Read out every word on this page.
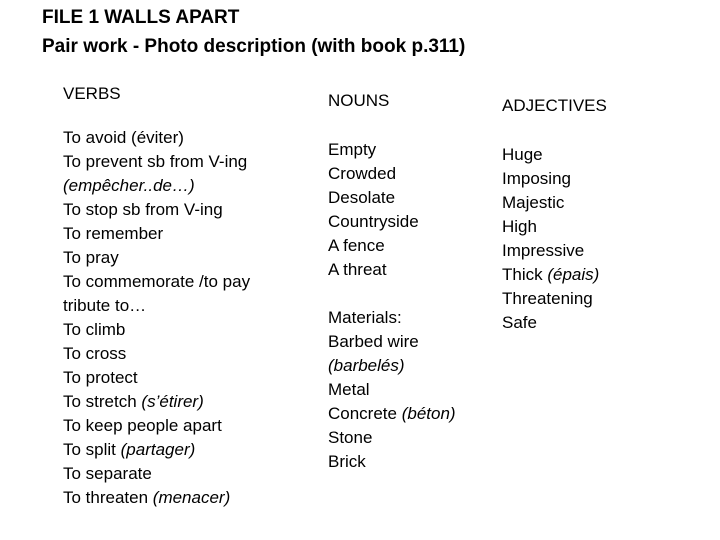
FILE 1 WALLS APART
Pair work - Photo description (with book p.311)
VERBS
To avoid (éviter)
To prevent sb from V-ing
(empêcher..de…)
To stop sb from V-ing
To remember
To pray
To commemorate /to pay
tribute to…
To climb
To cross
To protect
To stretch (s’étirer)
To keep people apart
To split (partager)
To separate
To threaten (menacer)
NOUNS
Empty
Crowded
Desolate
Countryside
A fence
A threat
Materials:
Barbed wire
(barbelés)
Metal
Concrete (béton)
Stone
Brick
ADJECTIVES
Huge
Imposing
Majestic
High
Impressive
Thick (épais)
Threatening
Safe
